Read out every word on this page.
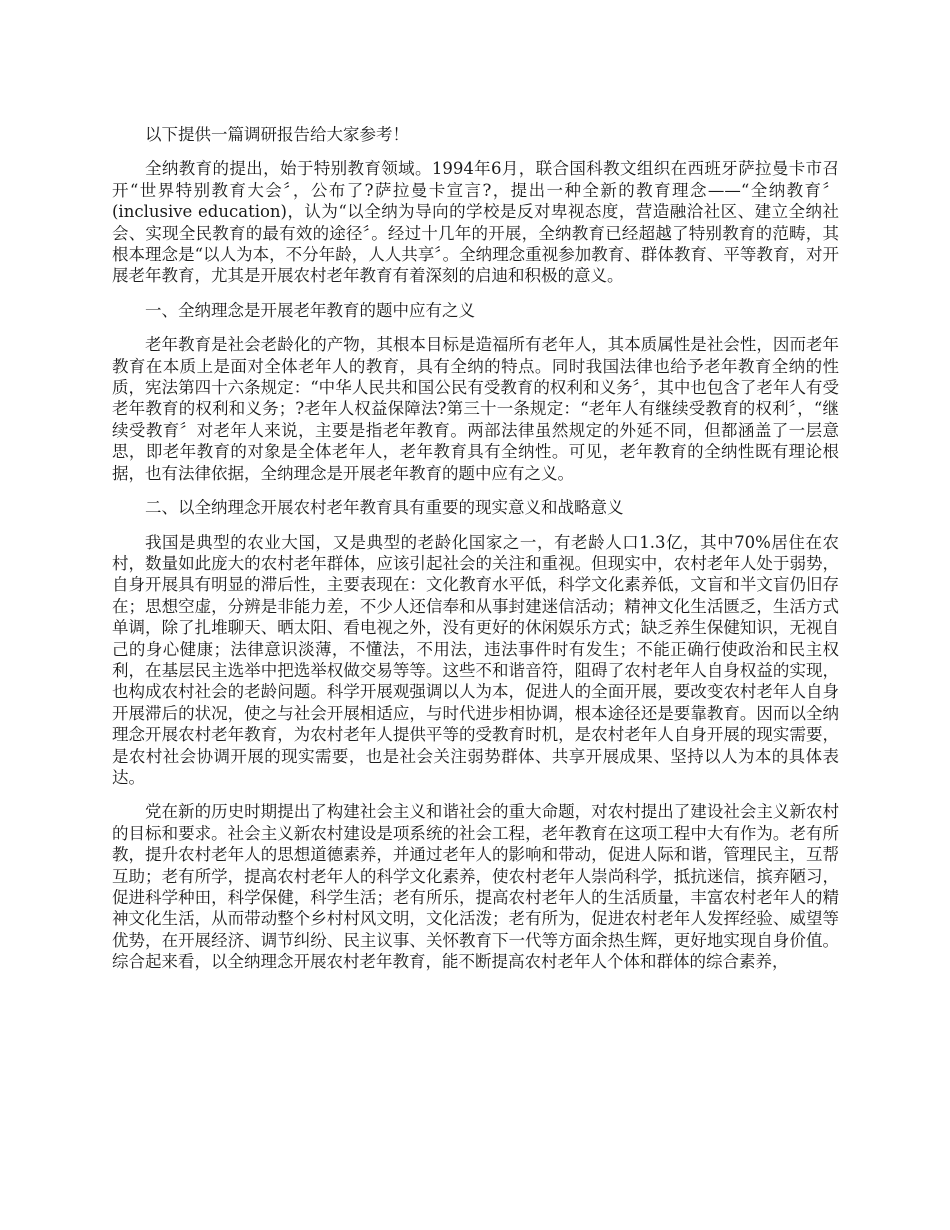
以下提供一篇调研报告给大家参考！

全纳教育的提出，始于特别教育领域。1994年6月，联合国科教文组织在西班牙萨拉曼卡市召开“世界特别教育大会〞，公布了?萨拉曼卡宣言?，提出一种全新的教育理念——“全纳教育〞(inclusive education)，认为“以全纳为导向的学校是反对卑视态度，营造融洽社区、建立全纳社会、实现全民教育的最有效的途径〞。经过十几年的开展，全纳教育已经超越了特别教育的范畴，其根本理念是“以人为本，不分年龄，人人共享〞。全纳理念重视参加教育、群体教育、平等教育，对开展老年教育，尤其是开展农村老年教育有着深刻的启迪和积极的意义。

一、全纳理念是开展老年教育的题中应有之义

老年教育是社会老龄化的产物，其根本目标是造福所有老年人，其本质属性是社会性，因而老年教育在本质上是面对全体老年人的教育，具有全纳的特点。同时我国法律也给予老年教育全纳的性质，宪法第四十六条规定：“中华人民共和国公民有受教育的权利和义务〞，其中也包含了老年人有受老年教育的权利和义务；?老年人权益保障法?第三十一条规定：“老年人有继续受教育的权利〞，“继续受教育〞对老年人来说，主要是指老年教育。两部法律虽然规定的外延不同，但都涵盖了一层意思，即老年教育的对象是全体老年人，老年教育具有全纳性。可见，老年教育的全纳性既有理论根据，也有法律依据，全纳理念是开展老年教育的题中应有之义。

二、以全纳理念开展农村老年教育具有重要的现实意义和战略意义

我国是典型的农业大国，又是典型的老龄化国家之一，有老龄人口1.3亿，其中70%居住在农村，数量如此庞大的农村老年群体，应该引起社会的关注和重视。但现实中，农村老年人处于弱势，自身开展具有明显的滞后性，主要表现在：文化教育水平低，科学文化素养低，文盲和半文盲仍旧存在；思想空虚，分辨是非能力差，不少人还信奉和从事封建迷信活动；精神文化生活匮乏，生活方式单调，除了扎堆聊天、晒太阳、看电视之外，没有更好的休闲娱乐方式；缺乏养生保健知识，无视自己的身心健康；法律意识淡薄，不懂法，不用法，违法事件时有发生；不能正确行使政治和民主权利，在基层民主选举中把选举权做交易等等。这些不和谐音符，阻碍了农村老年人自身权益的实现，也构成农村社会的老龄问题。科学开展观强调以人为本，促进人的全面开展，要改变农村老年人自身开展滞后的状况，使之与社会开展相适应，与时代进步相协调，根本途径还是要靠教育。因而以全纳理念开展农村老年教育，为农村老年人提供平等的受教育时机，是农村老年人自身开展的现实需要，是农村社会协调开展的现实需要，也是社会关注弱势群体、共享开展成果、坚持以人为本的具体表达。

党在新的历史时期提出了构建社会主义和谐社会的重大命题，对农村提出了建设社会主义新农村的目标和要求。社会主义新农村建设是项系统的社会工程，老年教育在这项工程中大有作为。老有所教，提升农村老年人的思想道德素养，并通过老年人的影响和带动，促进人际和谐，管理民主，互帮互助；老有所学，提高农村老年人的科学文化素养，使农村老年人崇尚科学，抵抗迷信，摈弃陋习，促进科学种田，科学保健，科学生活；老有所乐，提高农村老年人的生活质量，丰富农村老年人的精神文化生活，从而带动整个乡村村风文明，文化活泼；老有所为，促进农村老年人发挥经验、威望等优势，在开展经济、调节纠纷、民主议事、关怀教育下一代等方面余热生辉，更好地实现自身价值。综合起来看，以全纳理念开展农村老年教育，能不断提高农村老年人个体和群体的综合素养，
